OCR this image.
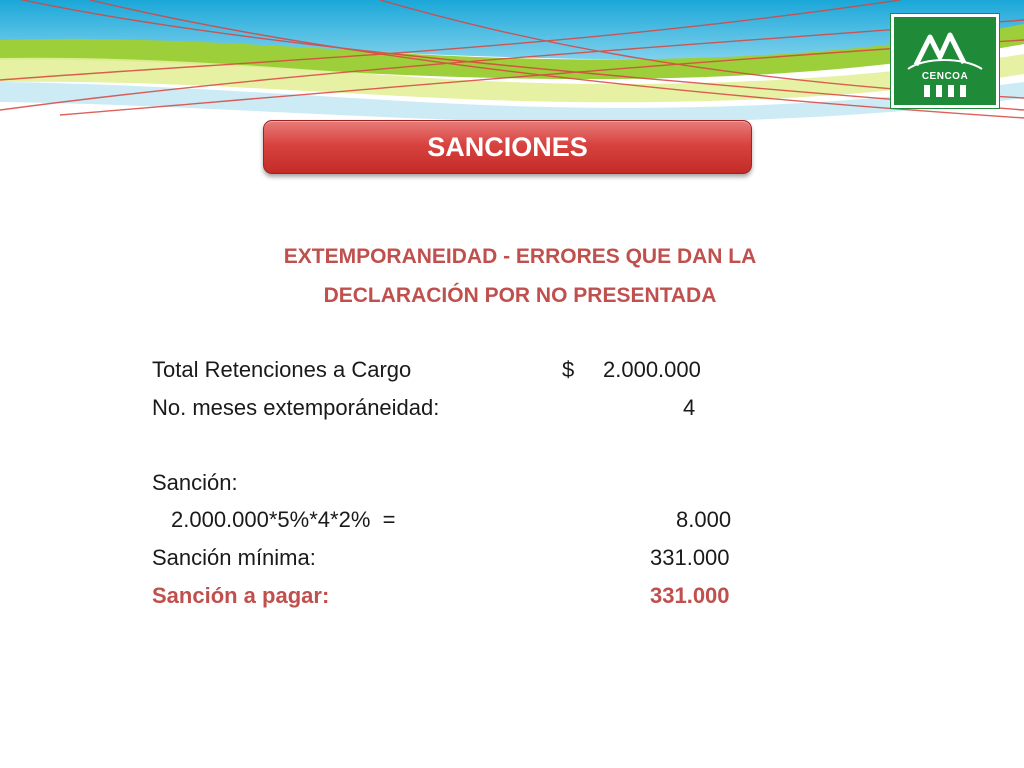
CENCOA
SANCIONES
EXTEMPORANEIDAD - ERRORES QUE DAN LA
DECLARACIÓN POR NO PRESENTADA
Total Retenciones a Cargo	$ 2.000.000
No. meses extemporáneidad:	4
Sanción:
2.000.000*5%*4*2%  =	8.000
Sanción mínima:	331.000
Sanción a pagar:	331.000
